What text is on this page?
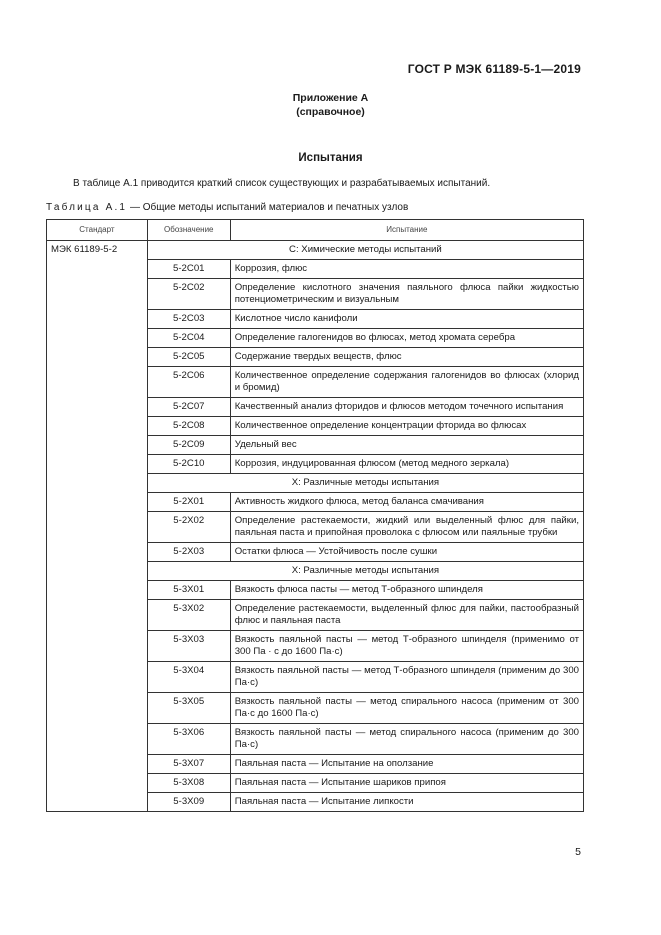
ГОСТ Р МЭК 61189-5-1—2019
Приложение А
(справочное)
Испытания
В таблице А.1 приводится краткий список существующих и разрабатываемых испытаний.
Таблица А.1 — Общие методы испытаний материалов и печатных узлов
Стандарт	Обозначение	Испытание
МЭК 61189-5-2	С: Химические методы испытаний	
	5-2С01	Коррозия, флюс
	5-2С02	Определение кислотного значения паяльного флюса пайки жидкостью потенциометрическим и визуальным
	5-2С03	Кислотное число канифоли
	5-2С04	Определение галогенидов во флюсах, метод хромата серебра
	5-2С05	Содержание твердых веществ, флюс
	5-2С06	Количественное определение содержания галогенидов во флюсах (хлорид и бромид)
	5-2С07	Качественный анализ фторидов и флюсов методом точечного испытания
	5-2С08	Количественное определение концентрации фторида во флюсах
	5-2С09	Удельный вес
	5-2С10	Коррозия, индуцированная флюсом (метод медного зеркала)
	Х: Различные методы испытания	
	5-2Х01	Активность жидкого флюса, метод баланса смачивания
	5-2Х02	Определение растекаемости, жидкий или выделенный флюс для пайки, паяльная паста и припойная проволока с флюсом или паяльные трубки
	5-2Х03	Остатки флюса — Устойчивость после сушки
	Х: Различные методы испытания	
	5-3Х01	Вязкость флюса пасты — метод Т-образного шпинделя
	5-3Х02	Определение растекаемости, выделенный флюс для пайки, пастообразный флюс и паяльная паста
	5-3Х03	Вязкость паяльной пасты — метод Т-образного шпинделя (применимо от 300 Па · с до 1600 Па·с)
	5-3Х04	Вязкость паяльной пасты — метод Т-образного шпинделя (применим до 300 Па·с)
	5-3Х05	Вязкость паяльной пасты — метод спирального насоса (применим от 300 Па·с до 1600 Па·с)
	5-3Х06	Вязкость паяльной пасты — метод спирального насоса (применим до 300 Па·с)
	5-3Х07	Паяльная паста — Испытание на оползание
	5-3Х08	Паяльная паста — Испытание шариков припоя
	5-3Х09	Паяльная паста — Испытание липкости
5
